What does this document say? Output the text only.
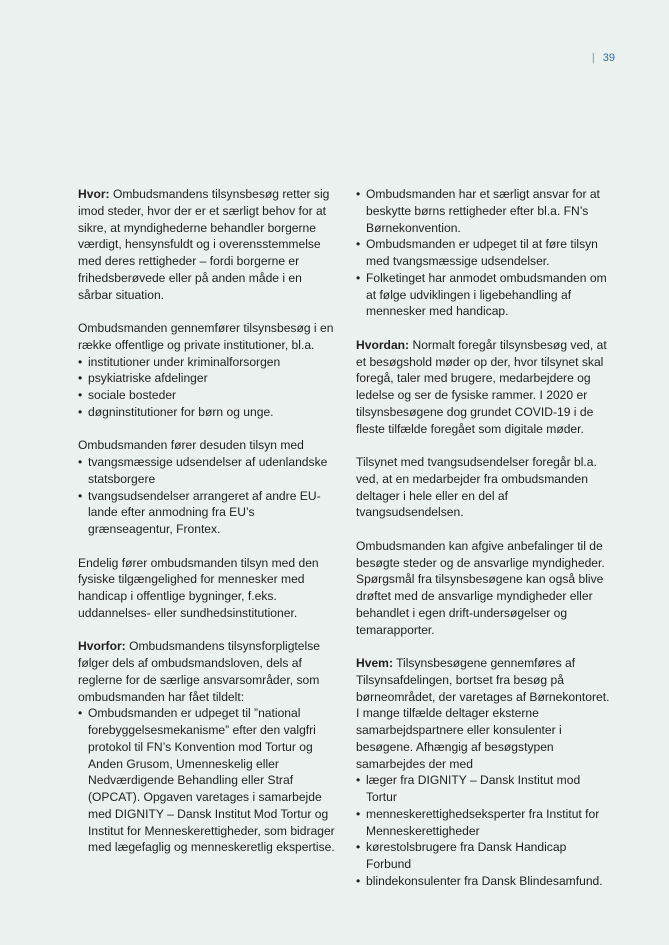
| 39

Hvor: Ombudsmandens tilsynsbesøg retter sig imod steder, hvor der er et særligt behov for at sikre, at myndighederne behandler borgerne værdigt, hensynsfuldt og i overensstemmelse med deres rettigheder – fordi borgerne er frihedsberøvede eller på anden måde i en sårbar situation.

Ombudsmanden gennemfører tilsynsbesøg i en række offentlige og private institutioner, bl.a.

• institutioner under kriminalforsorgen
• psykiatriske afdelinger
• sociale bosteder
• døgninstitutioner for børn og unge.

Ombudsmanden fører desuden tilsyn med

• tvangsmæssige udsendelser af udenlandske statsborgere
• tvangsudsendelser arrangeret af andre EU-lande efter anmodning fra EU’s grænseagentur, Frontex.

Endelig fører ombudsmanden tilsyn med den fysiske tilgængelighed for mennesker med handicap i offentlige bygninger, f.eks. uddannelses- eller sundhedsinstitutioner.

Hvorfor: Ombudsmandens tilsynsforpligtelse følger dels af ombudsmandsloven, dels af reglerne for de særlige ansvarsområder, som ombudsmanden har fået tildelt:

• Ombudsmanden er udpeget til ”national forebyggelsesmekanisme” efter den valgfri protokol til FN’s Konvention mod Tortur og Anden Grusom, Umenneskelig eller Nedværdigende Behandling eller Straf (OPCAT). Opgaven varetages i samarbejde med DIGNITY – Dansk Institut Mod Tortur og Institut for Menneskerettigheder, som bidrager med lægefaglig og menneskeretlig ekspertise.
• Ombudsmanden har et særligt ansvar for at beskytte børns rettigheder efter bl.a. FN’s Børnekonvention.
• Ombudsmanden er udpeget til at føre tilsyn med tvangsmæssige udsendelser.
• Folketinget har anmodet ombudsmanden om at følge udviklingen i ligebehandling af mennesker med handicap.

Hvordan: Normalt foregår tilsynsbesøg ved, at et besøgshold møder op der, hvor tilsynet skal foregå, taler med brugere, medarbejdere og ledelse og ser de fysiske rammer. I 2020 er tilsynsbesøgene dog grundet COVID-19 i de fleste tilfælde foregået som digitale møder.

Tilsynet med tvangsudsendelser foregår bl.a. ved, at en medarbejder fra ombudsmanden deltager i hele eller en del af tvangsudsendelsen.

Ombudsmanden kan afgive anbefalinger til de besøgte steder og de ansvarlige myndigheder. Spørgsmål fra tilsynsbesøgene kan også blive drøftet med de ansvarlige myndigheder eller behandlet i egen drift-undersøgelser og temarapporter.

Hvem: Tilsynsbesøgene gennemføres af Tilsynsafdelingen, bortset fra besøg på børneområdet, der varetages af Børnekontoret. I mange tilfælde deltager eksterne samarbejdspartnere eller konsulenter i besøgene. Afhængig af besøgstypen samarbejdes der med

• læger fra DIGNITY – Dansk Institut mod Tortur
• menneskerettighedseksperter fra Institut for Menneskerettigheder
• kørestolsbrugere fra Dansk Handicap Forbund
• blindekonsulenter fra Dansk Blindesamfund.
